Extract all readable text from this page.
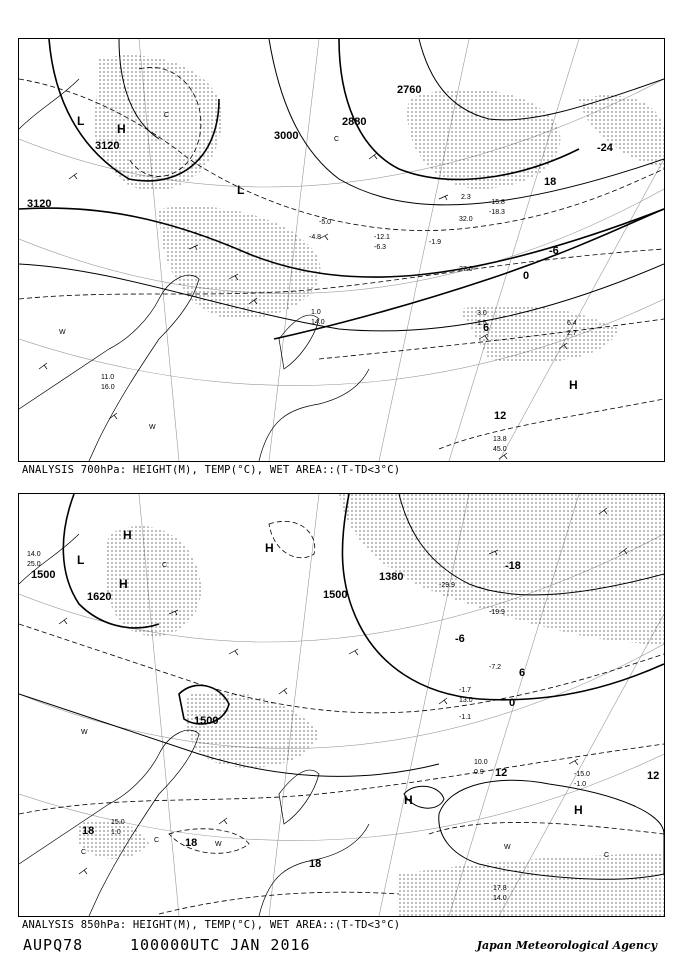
L
H
L
H
W
W
C
C
3120
3120
3000
2880
2760
-24
18
6
0
-6
12
-12.1
-6.3
27.0
-1.9
32.0
-5.0
-4.8
3.0
1.5	6.4
2.7
11.0
16.0
13.8
45.0
-15.8
-18.3
2.3
1.0
14.0
ANALYSIS 700hPa: HEIGHT(M), TEMP(°C), WET AREA::(T-TD<3°C)
L
H
H
H
H
H
W
W	W
C
C
C	C
1500
1500
1500
1380
1620
-18
18
18
18
12
6
-6
0
12
14.0
25.0
-15.0
-1.0
-1.1
15.0
1.0
17.8
14.0
-1.7
13.0
10.0
0.9
-29.9
-19.9
-7.2
ANALYSIS 850hPa: HEIGHT(M), TEMP(°C), WET AREA::(T-TD<3°C)
AUPQ78	100000UTC JAN 2016	Japan Meteorological Agency
